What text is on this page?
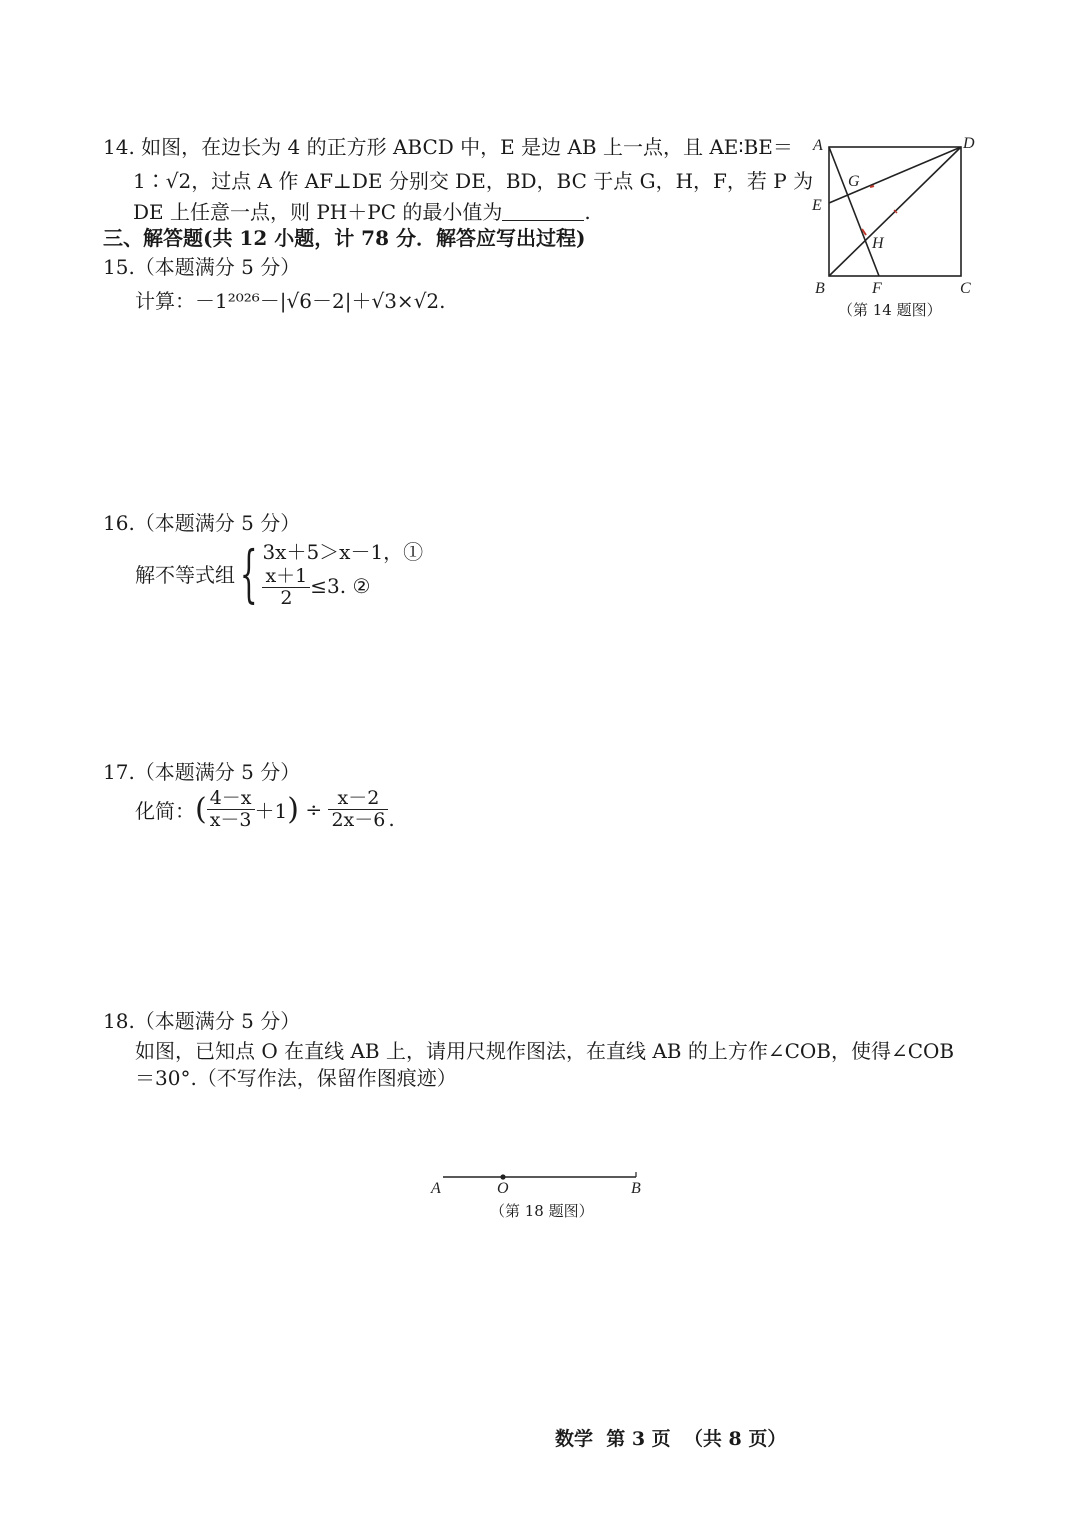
14. 如图，在边长为 4 的正方形 ABCD 中，E 是边 AB 上一点，且 AE∶BE＝
1∶√2，过点 A 作 AF⊥DE 分别交 DE，BD，BC 于点 G，H，F，若 P 为
DE 上任意一点，则 PH＋PC 的最小值为	.
A	D
E
G
H
B	F	C
（第 14 题图）
三、解答题(共 12 小题，计 78 分．解答应写出过程)
15.（本题满分 5 分）
计算：－1²⁰²⁶－|√6－2|＋√3×√2.
16.（本题满分 5 分）
解不等式组{ 3x＋5＞x－1，①
$\frac{x+1}{2} \le 3$. ②
17.（本题满分 5 分）
化简：( $\frac{4-x}{x-3} +1) \div \frac{x-2}{2x-6}$ .
18.（本题满分 5 分）
如图，已知点 O 在直线 AB 上，请用尺规作图法，在直线 AB 的上方作∠COB，使得∠COB
＝30°.（不写作法，保留作图痕迹）
A	O	B
（第 18 题图）
数学  第 3 页  （共 8 页）
